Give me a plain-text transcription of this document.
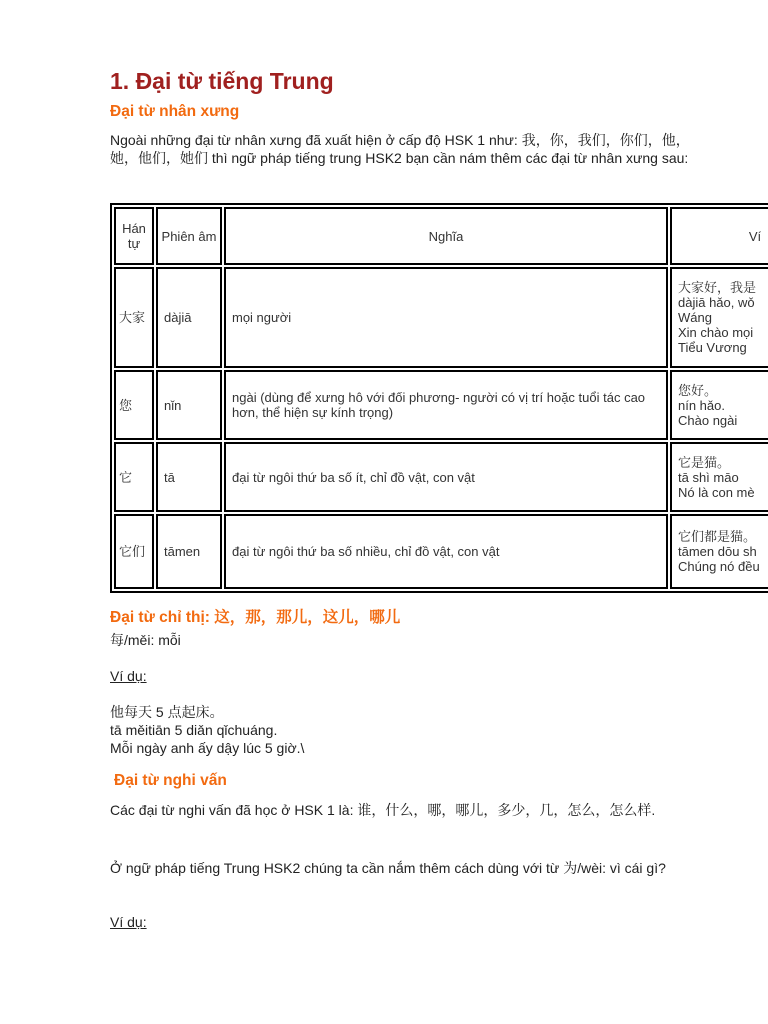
1. Đại từ tiếng Trung
Đại từ nhân xưng
Ngoài những đại từ nhân xưng đã xuất hiện ở cấp độ HSK 1 như: 我，你，我们，你们，他，她，他们，她们 thì ngữ pháp tiếng trung HSK2 bạn cần nám thêm các đại từ nhân xưng sau:
Hán tự	Phiên âm	Nghĩa	Ví
大家	dàjiā	mọi người	大家好，我是
dàjiā hǎo, wǒ
Wáng
Xin chào mọi
Tiểu Vương

您	nǐn	ngài (dùng để xưng hô với đối phương- người có vị trí hoặc tuổi tác cao hơn, thể hiện sự kính trọng)	您好。
nín hǎo.
Chào ngài

它	tā	đại từ ngôi thứ ba số ít, chỉ đồ vật, con vật	它是猫。
tā shì māo
Nó là con mè

它们	tāmen	đại từ ngôi thứ ba số nhiều, chỉ đồ vật, con vật	它们都是猫。
tāmen dōu sh
Chúng nó đều
Đại từ chỉ thị: 这，那，那儿，这儿，哪儿
每/měi: mỗi
Ví dụ:
他每天 5 点起床。
tā měitiān 5 diǎn qǐchuáng.
Mỗi ngày anh ấy dậy lúc 5 giờ.\
Đại từ nghi vấn
Các đại từ nghi vấn đã học ở HSK 1 là: 谁，什么，哪，哪儿，多少，几，怎么，怎么样.
Ở ngữ pháp tiếng Trung HSK2 chúng ta cần nắm thêm cách dùng với từ 为/wèi: vì cái gì?
Ví dụ:
